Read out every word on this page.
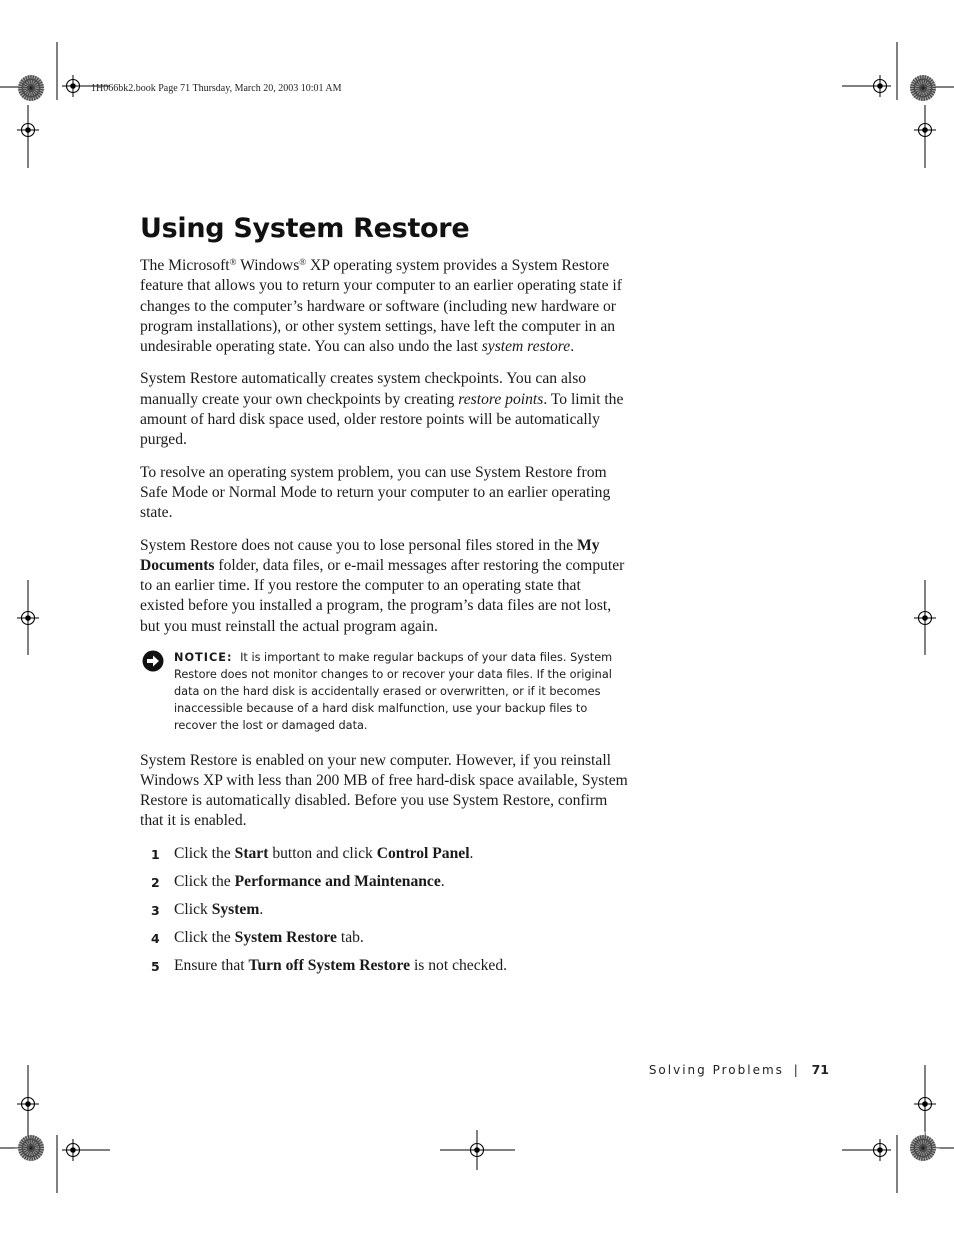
1H066bk2.book Page 71 Thursday, March 20, 2003 10:01 AM
Using System Restore

The Microsoft® Windows® XP operating system provides a System Restore feature that allows you to return your computer to an earlier operating state if changes to the computer’s hardware or software (including new hardware or program installations), or other system settings, have left the computer in an undesirable operating state. You can also undo the last system restore.

System Restore automatically creates system checkpoints. You can also manually create your own checkpoints by creating restore points. To limit the amount of hard disk space used, older restore points will be automatically purged.

To resolve an operating system problem, you can use System Restore from Safe Mode or Normal Mode to return your computer to an earlier operating state.

System Restore does not cause you to lose personal files stored in the My Documents folder, data files, or e-mail messages after restoring the computer to an earlier time. If you restore the computer to an operating state that existed before you installed a program, the program’s data files are not lost, but you must reinstall the actual program again.

NOTICE: It is important to make regular backups of your data files. System Restore does not monitor changes to or recover your data files. If the original data on the hard disk is accidentally erased or overwritten, or if it becomes inaccessible because of a hard disk malfunction, use your backup files to recover the lost or damaged data.

System Restore is enabled on your new computer. However, if you reinstall Windows XP with less than 200 MB of free hard-disk space available, System Restore is automatically disabled. Before you use System Restore, confirm that it is enabled.

1 Click the Start button and click Control Panel.
2 Click the Performance and Maintenance.
3 Click System.
4 Click the System Restore tab.
5 Ensure that Turn off System Restore is not checked.
Solving Problems | 71
